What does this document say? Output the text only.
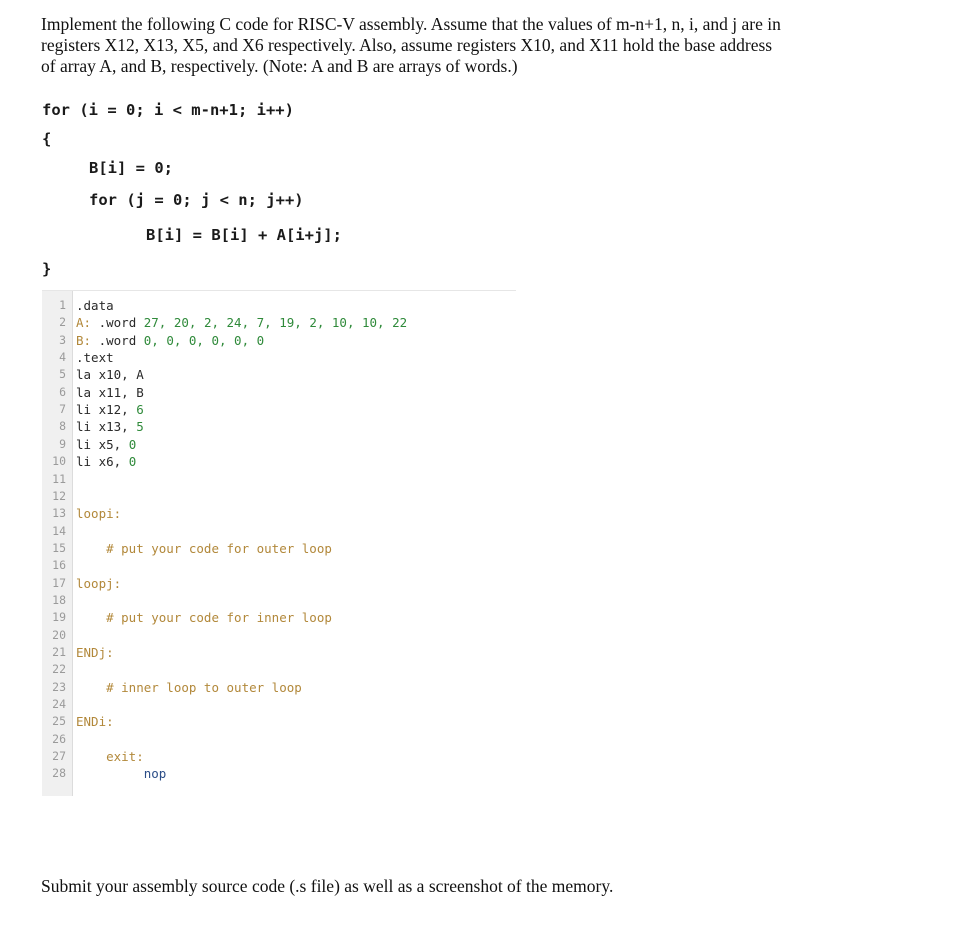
Implement the following C code for RISC-V assembly. Assume that the values of m-n+1, n, i, and j are in
registers X12, X13, X5, and X6 respectively. Also, assume registers X10, and X11 hold the base address
of array A, and B, respectively. (Note: A and B are arrays of words.)

for (i = 0; i < m-n+1; i++)

{

B[i] = 0;

for (j = 0; j < n; j++)

B[i] = B[i] + A[i+j];

}

1 .data
2 A: .word 27, 20, 2, 24, 7, 19, 2, 10, 10, 22
3 B: .word 0, 0, 0, 0, 0, 0
4 .text
5 la x10, A
6 la x11, B
7 li x12, 6
8 li x13, 5
9 li x5, 0
10 li x6, 0
11
12
13 loopi:
14
15 # put your code for outer loop
16
17 loopj:
18
19 # put your code for inner loop
20
21 ENDj:
22
23 # inner loop to outer loop
24
25 ENDi:
26
27 exit:
28 nop
Submit your assembly source code (.s file) as well as a screenshot of the memory.
